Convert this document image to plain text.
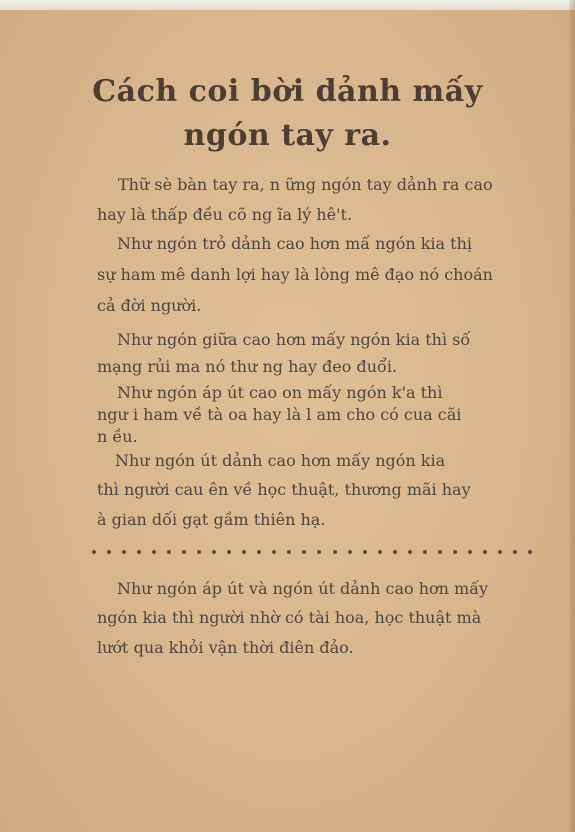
Cách coi bời dảnh mấy
ngón tay ra.
Thữ sè bàn tay ra, n ững ngón tay dảnh ra cao
hay là thấp đều cõ ng ĩa lý hê't.
Như ngón trỏ dảnh cao hơn mấ ngón kia thị
sự ham mê danh lợi hay là lòng mê đạo nó choán
cả đời người.
Như ngón giữa cao hơn mấy ngón kia thì số
mạng rủi ma nó thư ng hay đeo đuổi.
Như ngón áp út cao on mấy ngón k'a thì
ngư i ham về tà oa hay là l am cho có cua cãi
n ều.
Như ngón út dảnh cao hơn mấy ngón kia
thì người cau ên về học thuật, thương mãi hay
à gian dối gạt gầm thiên hạ.
Như ngón áp út và ngón út dảnh cao hơn mấy
ngón kia thì người nhờ có tài hoa, học thuật mà
lướt qua khỏi vận thời điên đảo.
